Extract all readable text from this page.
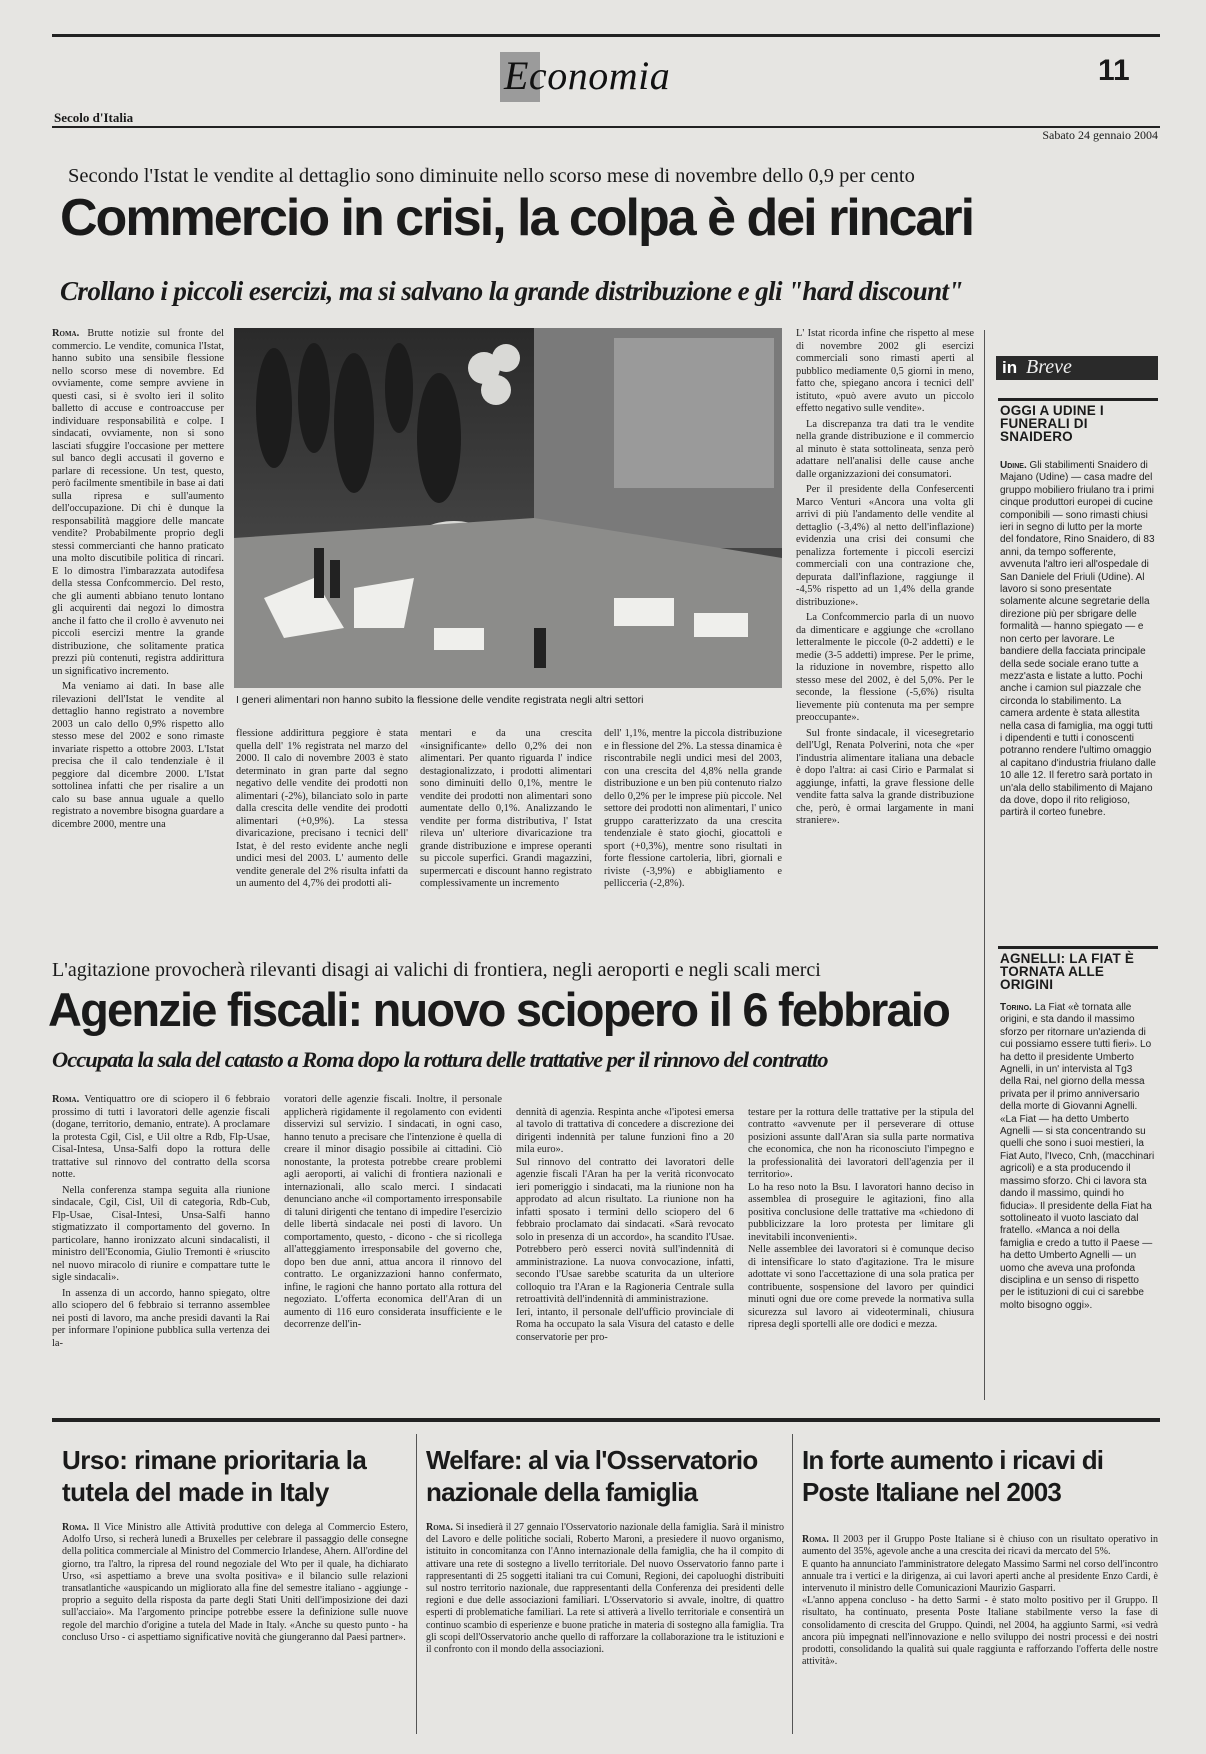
Economia	11
Secolo d'Italia
Sabato 24 gennaio 2004
Secondo l'Istat le vendite al dettaglio sono diminuite nello scorso mese di novembre dello 0,9 per cento
Commercio in crisi, la colpa è dei rincari
Crollano i piccoli esercizi, ma si salvano la grande distribuzione e gli "hard discount"

Roma. Brutte notizie sul fronte del commercio. Le vendite, comunica l'Istat, hanno subito una sensibile flessione nello scorso mese di novembre. Ed ovviamente, come sempre avviene in questi casi, si è svolto ieri il solito balletto di accuse e controaccuse per individuare responsabilità e colpe. I sindacati, ovviamente, non si sono lasciati sfuggire l'occasione per mettere sul banco degli accusati il governo e parlare di recessione. Un test, questo, però facilmente smentibile in base ai dati sulla ripresa e sull'aumento dell'occupazione. Di chi è dunque la responsabilità maggiore delle mancate vendite? Probabilmente proprio degli stessi commercianti che hanno praticato una molto discutibile politica di rincari. E lo dimostra l'imbarazzata autodifesa della stessa Confcommercio. Del resto, che gli aumenti abbiano tenuto lontano gli acquirenti dai negozi lo dimostra anche il fatto che il crollo è avvenuto nei piccoli esercizi mentre la grande distribuzione, che solitamente pratica prezzi più contenuti, registra addirittura un significativo incremento.

Ma veniamo ai dati. In base alle rilevazioni dell'Istat le vendite al dettaglio hanno registrato a novembre 2003 un calo dello 0,9% rispetto allo stesso mese del 2002 e sono rimaste invariate rispetto a ottobre 2003. L'Istat precisa che il calo tendenziale è il peggiore dal dicembre 2000. L'Istat sottolinea infatti che per risalire a un calo su base annua uguale a quello registrato a novembre bisogna guardare a dicembre 2000, mentre una

I generi alimentari non hanno subito la flessione delle vendite registrata negli altri settori

L' Istat ricorda infine che rispetto al mese di novembre 2002 gli esercizi commerciali sono rimasti aperti al pubblico mediamente 0,5 giorni in meno, fatto che, spiegano ancora i tecnici dell' istituto, «può avere avuto un piccolo effetto negativo sulle vendite».

La discrepanza tra dati tra le vendite nella grande distribuzione e il commercio al minuto è stata sottolineata, senza però adattare nell'analisi delle cause anche dalle organizzazioni dei consumatori.

Per il presidente della Confesercenti Marco Venturi «Ancora una volta gli arrivi di più l'andamento delle vendite al dettaglio (-3,4%) al netto dell'inflazione) evidenzia una crisi dei consumi che penalizza fortemente i piccoli esercizi commerciali con una contrazione che, depurata dall'inflazione, raggiunge il -4,5% rispetto ad un 1,4% della grande distribuzione».

La Confcommercio parla di un nuovo da dimenticare e aggiunge che «crollano letteralmente le piccole (0-2 addetti) e le medie (3-5 addetti) imprese. Per le prime, la riduzione in novembre, rispetto allo stesso mese del 2002, è del 5,0%. Per le seconde, la flessione (-5,6%) risulta lievemente più contenuta ma per sempre preoccupante».

Sul fronte sindacale, il vicesegretario dell'Ugl, Renata Polverini, nota che «per l'industria alimentare italiana una debacle è dopo l'altra: ai casi Cirio e Parmalat si aggiunge, infatti, la grave flessione delle vendite fatta salva la grande distribuzione che, però, è ormai largamente in mani straniere».

flessione addirittura peggiore è stata quella dell' 1% registrata nel marzo del 2000. Il calo di novembre 2003 è stato determinato in gran parte dal segno negativo delle vendite dei prodotti non alimentari (-2%), bilanciato solo in parte dalla crescita delle vendite dei prodotti alimentari (+0,9%). La stessa divaricazione, precisano i tecnici dell' Istat, è del resto evidente anche negli undici mesi del 2003. L' aumento delle vendite generale del 2% risulta infatti da un aumento del 4,7% dei prodotti ali-

mentari e da una crescita «insignificante» dello 0,2% dei non alimentari. Per quanto riguarda l' indice destagionalizzato, i prodotti alimentari sono diminuiti dello 0,1%, mentre le vendite dei prodotti non alimentari sono aumentate dello 0,1%. Analizzando le vendite per forma distributiva, l' Istat rileva un' ulteriore divaricazione tra grande distribuzione e imprese operanti su piccole superfici. Grandi magazzini, supermercati e discount hanno registrato complessivamente un incremento

dell' 1,1%, mentre la piccola distribuzione e in flessione del 2%. La stessa dinamica è riscontrabile negli undici mesi del 2003, con una crescita del 4,8% nella grande distribuzione e un ben più contenuto rialzo dello 0,2% per le imprese più piccole. Nel settore dei prodotti non alimentari, l' unico gruppo caratterizzato da una crescita tendenziale è stato giochi, giocattoli e sport (+0,3%), mentre sono risultati in forte flessione cartoleria, libri, giornali e riviste (-3,9%) e abbigliamento e pellicceria (-2,8%).

in Breve
OGGI A UDINE I FUNERALI DI SNAIDERO
Udine. Gli stabilimenti Snaidero di Majano (Udine) — casa madre del gruppo mobiliero friulano tra i primi cinque produttori europei di cucine componibili — sono rimasti chiusi ieri in segno di lutto per la morte del fondatore, Rino Snaidero, di 83 anni, da tempo sofferente, avvenuta l'altro ieri all'ospedale di San Daniele del Friuli (Udine). Al lavoro si sono presentate solamente alcune segretarie della direzione più per sbrigare delle formalità — hanno spiegato — e non certo per lavorare. Le bandiere della facciata principale della sede sociale erano tutte a mezz'asta e listate a lutto. Pochi anche i camion sul piazzale che circonda lo stabilimento. La camera ardente è stata allestita nella casa di famiglia, ma oggi tutti i dipendenti e tutti i conoscenti potranno rendere l'ultimo omaggio al capitano d'industria friulano dalle 10 alle 12. Il feretro sarà portato in un'ala dello stabilimento di Majano da dove, dopo il rito religioso, partirà il corteo funebre.
AGNELLI: LA FIAT È TORNATA ALLE ORIGINI
Torino. La Fiat «è tornata alle origini, e sta dando il massimo sforzo per ritornare un'azienda di cui possiamo essere tutti fieri». Lo ha detto il presidente Umberto Agnelli, in un' intervista al Tg3 della Rai, nel giorno della messa privata per il primo anniversario della morte di Giovanni Agnelli. «La Fiat — ha detto Umberto Agnelli — si sta concentrando su quelli che sono i suoi mestieri, la Fiat Auto, l'Iveco, Cnh, (macchinari agricoli) e a sta producendo il massimo sforzo. Chi ci lavora sta dando il massimo, quindi ho fiducia». Il presidente della Fiat ha sottolineato il vuoto lasciato dal fratello. «Manca a noi della famiglia e credo a tutto il Paese — ha detto Umberto Agnelli — un uomo che aveva una profonda disciplina e un senso di rispetto per le istituzioni di cui ci sarebbe molto bisogno oggi».
L'agitazione provocherà rilevanti disagi ai valichi di frontiera, negli aeroporti e negli scali merci
Agenzie fiscali: nuovo sciopero il 6 febbraio
Occupata la sala del catasto a Roma dopo la rottura delle trattative per il rinnovo del contratto

Roma. Ventiquattro ore di sciopero il 6 febbraio prossimo di tutti i lavoratori delle agenzie fiscali (dogane, territorio, demanio, entrate). A proclamare la protesta Cgil, Cisl, e Uil oltre a Rdb, Flp-Usae, Cisal-Intesa, Unsa-Salfi dopo la rottura delle trattative sul rinnovo del contratto della scorsa notte.

Nella conferenza stampa seguita alla riunione sindacale, Cgil, Cisl, Uil di categoria, Rdb-Cub, Flp-Usae, Cisal-Intesi, Unsa-Salfi hanno stigmatizzato il comportamento del governo. In particolare, hanno ironizzato alcuni sindacalisti, il ministro dell'Economia, Giulio Tremonti è «riuscito nel nuovo miracolo di riunire e compattare tutte le sigle sindacali».

In assenza di un accordo, hanno spiegato, oltre allo sciopero del 6 febbraio si terranno assemblee nei posti di lavoro, ma anche presidi davanti la Rai per informare l'opinione pubblica sulla vertenza dei la-

voratori delle agenzie fiscali. Inoltre, il personale applicherà rigidamente il regolamento con evidenti disservizi sul servizio. I sindacati, in ogni caso, hanno tenuto a precisare che l'intenzione è quella di creare il minor disagio possibile ai cittadini. Ciò nonostante, la protesta potrebbe creare problemi agli aeroporti, ai valichi di frontiera nazionali e internazionali, allo scalo merci. I sindacati denunciano anche «il comportamento irresponsabile di taluni dirigenti che tentano di impedire l'esercizio delle libertà sindacale nei posti di lavoro. Un comportamento, questo, - dicono - che si ricollega all'atteggiamento irresponsabile del governo che, dopo ben due anni, attua ancora il rinnovo del contratto. Le organizzazioni hanno confermato, infine, le ragioni che hanno portato alla rottura del negoziato. L'offerta economica dell'Aran di un aumento di 116 euro considerata insufficiente e le decorrenze dell'in-

dennità di agenzia. Respinta anche «l'ipotesi emersa al tavolo di trattativa di concedere a discrezione dei dirigenti indennità per talune funzioni fino a 20 mila euro».
Sul rinnovo del contratto dei lavoratori delle agenzie fiscali l'Aran ha per la verità riconvocato ieri pomeriggio i sindacati, ma la riunione non ha approdato ad alcun risultato. La riunione non ha infatti sposato i termini dello sciopero del 6 febbraio proclamato dai sindacati. «Sarà revocato solo in presenza di un accordo», ha scandito l'Usae. Potrebbero però esserci novità sull'indennità di amministrazione. La nuova convocazione, infatti, secondo l'Usae sarebbe scaturita da un ulteriore colloquio tra l'Aran e la Ragioneria Centrale sulla retroattività dell'indennità di amministrazione.
Ieri, intanto, il personale dell'ufficio provinciale di Roma ha occupato la sala Visura del catasto e delle conservatorie per pro-

testare per la rottura delle trattative per la stipula del contratto «avvenute per il perseverare di ottuse posizioni assunte dall'Aran sia sulla parte normativa che economica, che non ha riconosciuto l'impegno e la professionalità dei lavoratori dell'agenzia per il territorio».
Lo ha reso noto la Bsu. I lavoratori hanno deciso in assemblea di proseguire le agitazioni, fino alla positiva conclusione delle trattative ma «chiedono di pubblicizzare la loro protesta per limitare gli inevitabili inconvenienti».
Nelle assemblee dei lavoratori si è comunque deciso di intensificare lo stato d'agitazione. Tra le misure adottate vi sono l'accettazione di una sola pratica per contribuente, sospensione del lavoro per quindici minuti ogni due ore come prevede la normativa sulla sicurezza sul lavoro ai videoterminali, chiusura ripresa degli sportelli alle ore dodici e mezza.

Urso: rimane prioritaria la tutela del made in Italy

Roma. Il Vice Ministro alle Attività produttive con delega al Commercio Estero, Adolfo Urso, si recherà lunedì a Bruxelles per celebrare il passaggio delle consegne della politica commerciale al Ministro del Commercio Irlandese, Ahern. All'ordine del giorno, tra l'altro, la ripresa del round negoziale del Wto per il quale, ha dichiarato Urso, «si aspettiamo a breve una svolta positiva» e il bilancio sulle relazioni transatlantiche «auspicando un migliorato alla fine del semestre italiano - aggiunge - proprio a seguito della risposta da parte degli Stati Uniti dell'imposizione dei dazi sull'acciaio». Ma l'argomento principe potrebbe essere la definizione sulle nuove regole del marchio d'origine a tutela del Made in Italy. «Anche su questo punto - ha concluso Urso - ci aspettiamo significative novità che giungeranno dal Paesi partner».

Welfare: al via l'Osservatorio nazionale della famiglia

Roma. Si insedierà il 27 gennaio l'Osservatorio nazionale della famiglia. Sarà il ministro del Lavoro e delle politiche sociali, Roberto Maroni, a presiedere il nuovo organismo, istituito in concomitanza con l'Anno internazionale della famiglia, che ha il compito di attivare una rete di sostegno a livello territoriale. Del nuovo Osservatorio fanno parte i rappresentanti di 25 soggetti italiani tra cui Comuni, Regioni, dei capoluoghi distribuiti sul nostro territorio nazionale, due rappresentanti della Conferenza dei presidenti delle regioni e due delle associazioni familiari. L'Osservatorio si avvale, inoltre, di quattro esperti di problematiche familiari. La rete si attiverà a livello territoriale e consentirà un continuo scambio di esperienze e buone pratiche in materia di sostegno alla famiglia. Tra gli scopi dell'Osservatorio anche quello di rafforzare la collaborazione tra le istituzioni e il confronto con il mondo della associazioni.

In forte aumento i ricavi di Poste Italiane nel 2003

Roma. Il 2003 per il Gruppo Poste Italiane si è chiuso con un risultato operativo in aumento del 35%, agevole anche a una crescita dei ricavi da mercato del 5%.
E quanto ha annunciato l'amministratore delegato Massimo Sarmi nel corso dell'incontro annuale tra i vertici e la dirigenza, ai cui lavori aperti anche al presidente Enzo Cardi, è intervenuto il ministro delle Comunicazioni Maurizio Gasparri.
«L'anno appena concluso - ha detto Sarmi - è stato molto positivo per il Gruppo. Il risultato, ha continuato, presenta Poste Italiane stabilmente verso la fase di consolidamento di crescita del Gruppo. Quindi, nel 2004, ha aggiunto Sarmi, «si vedrà ancora più impegnati nell'innovazione e nello sviluppo dei nostri processi e dei nostri prodotti, consolidando la qualità sui quale raggiunta e rafforzando l'offerta delle nostre attività».
